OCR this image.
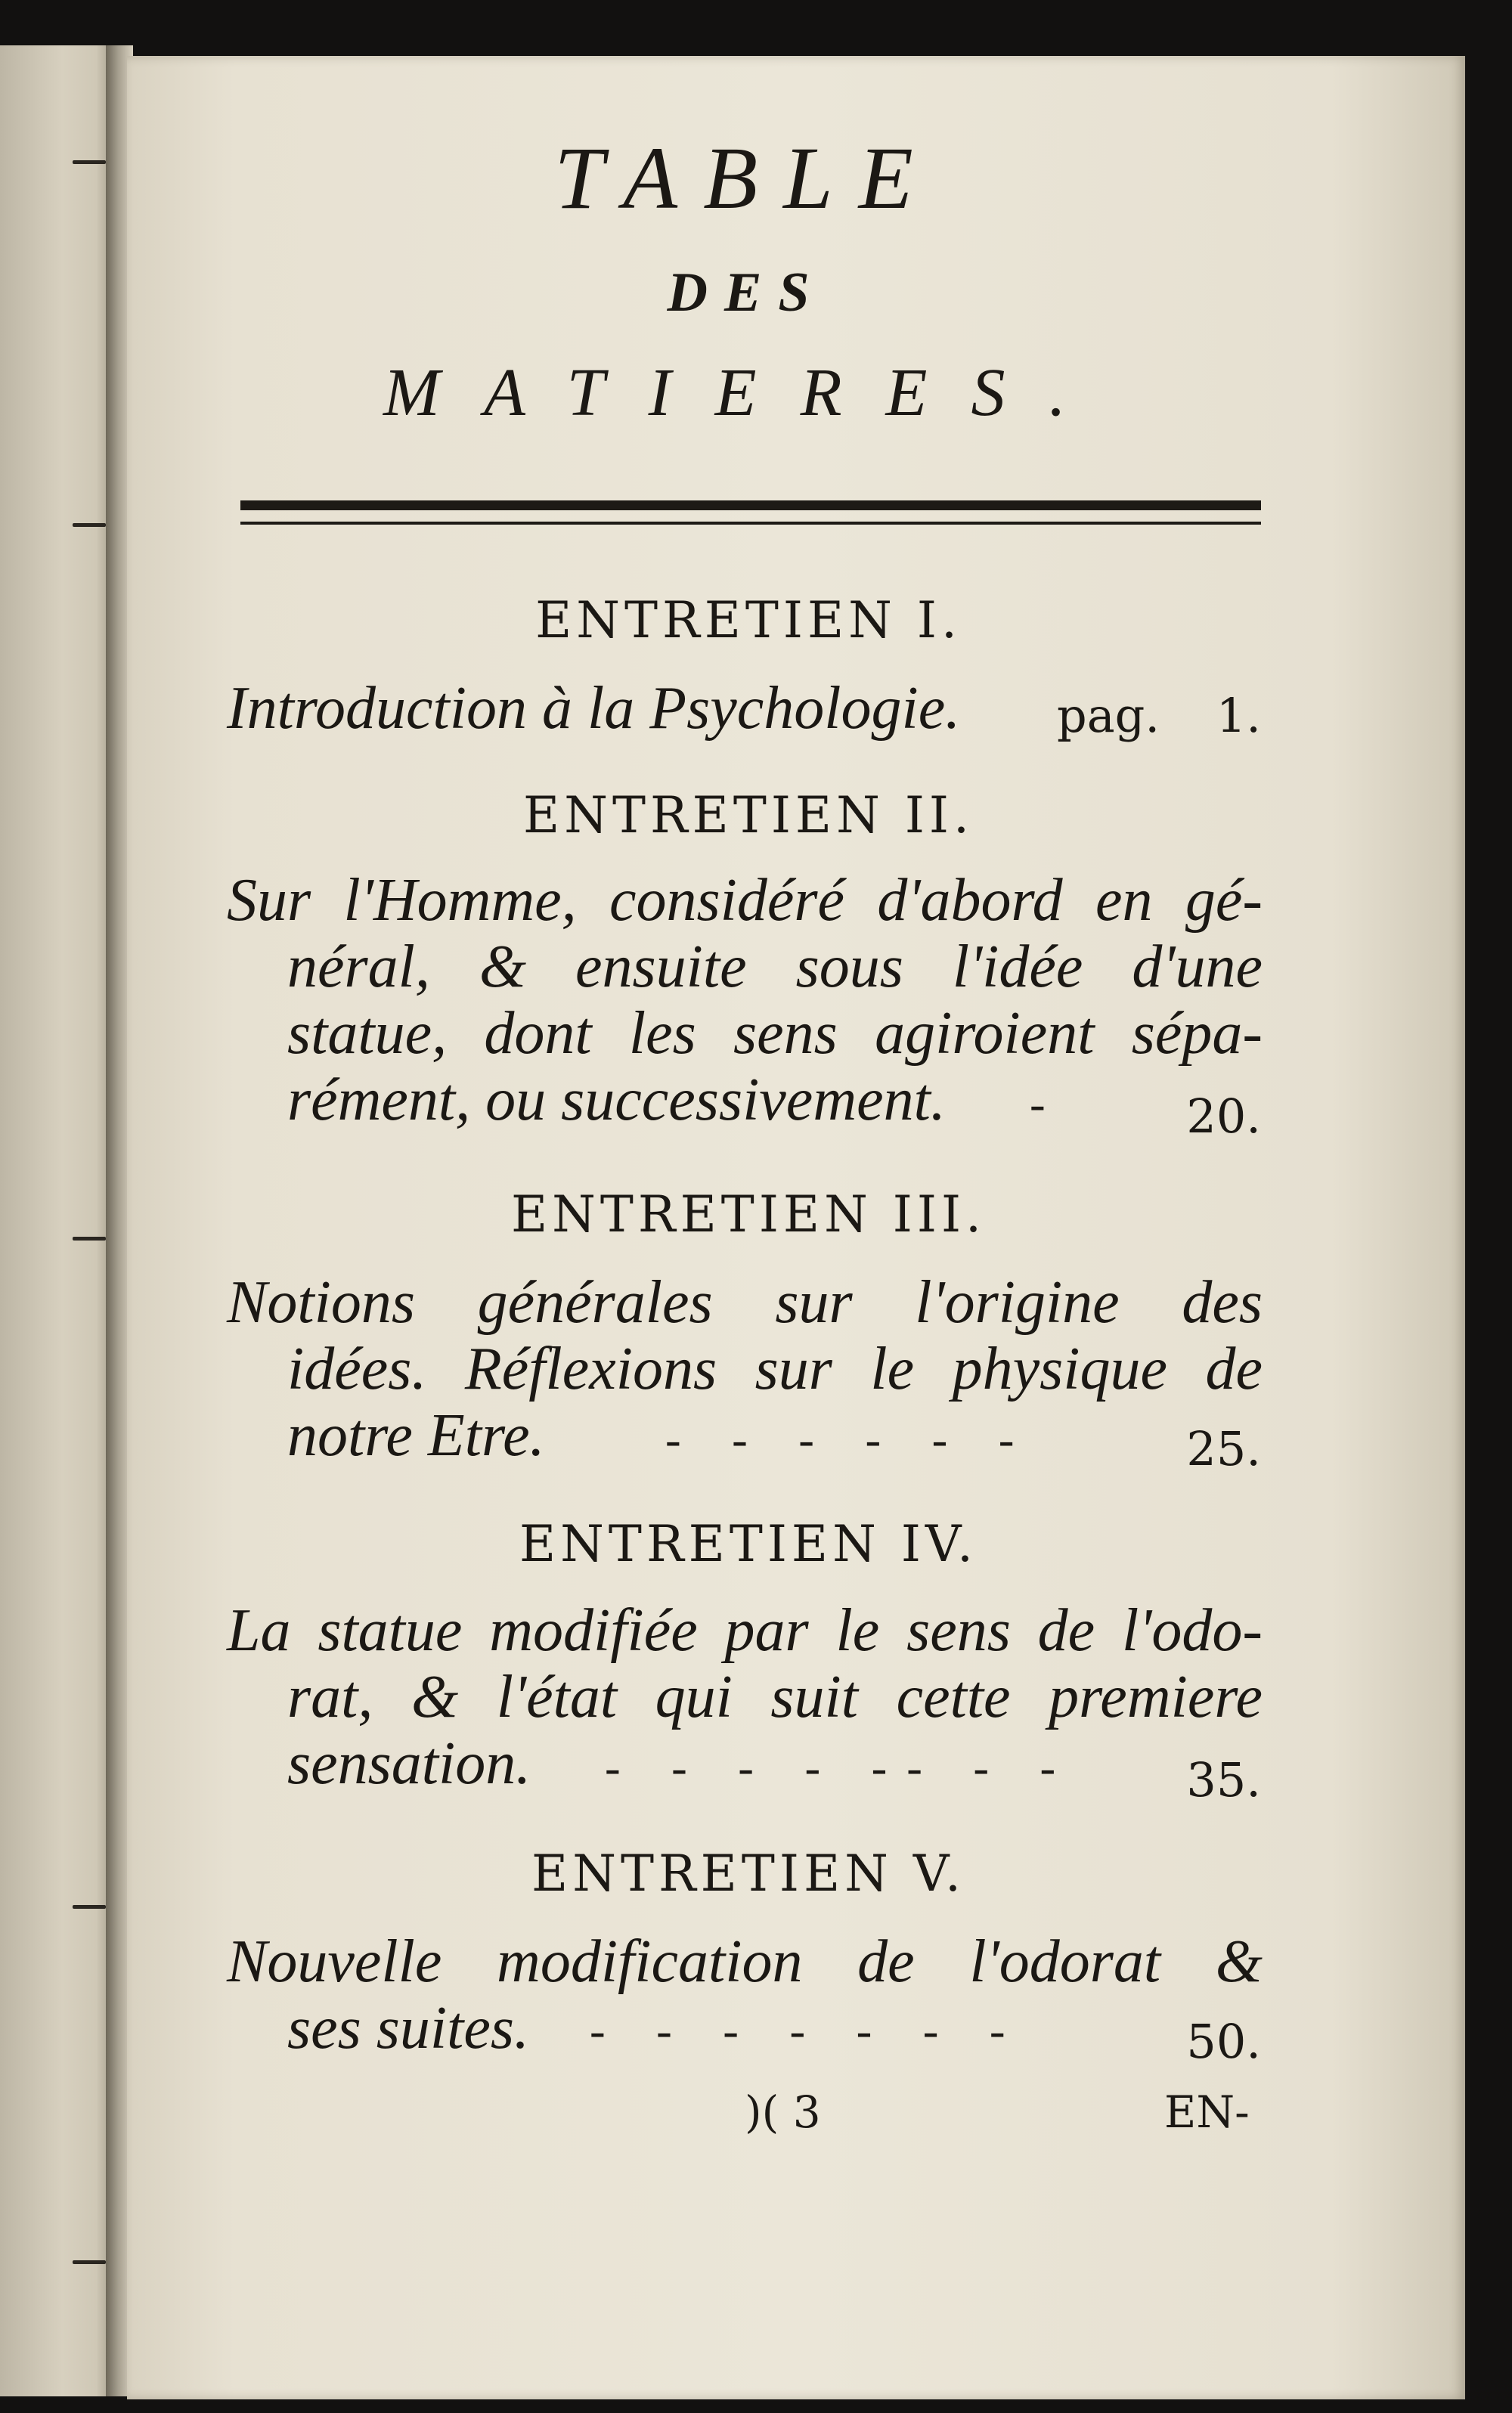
TABLE
DES
MATIERES.
ENTRETIEN I.
Introduction à la Psychologie. pag.	1.
ENTRETIEN II.
Sur l'Homme, considéré d'abord en gé-
néral, & ensuite sous l'idée d'une
statue, dont les sens agiroient sépa-
rément, ou successivement. -	20.
ENTRETIEN III.
Notions générales sur l'origine des
idées. Réflexions sur le physique de
notre Etre.	- - - - - -	25.
ENTRETIEN IV.
La statue modifiée par le sens de l'odo-
rat, & l'état qui suit cette premiere
sensation. - - - - -- - -	35.
ENTRETIEN V.
Nouvelle modification de l'odorat &
ses suites. - - - - - - -	50.
)( 3	EN-
